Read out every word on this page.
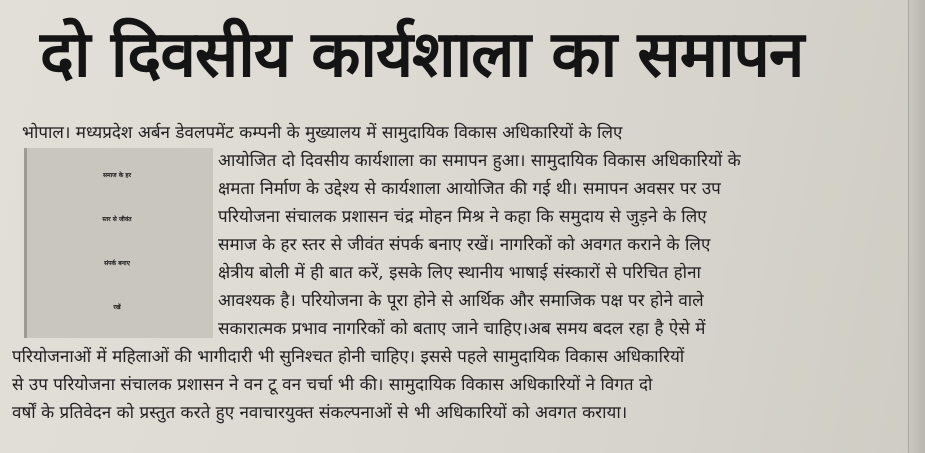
दो दिवसीय कार्यशाला का समापन
समाज के हर
स्तर से जीवंत
संपर्क बनाए
रखें
भोपाल। मध्यप्रदेश अर्बन डेवलपमेंट कम्पनी के मुख्यालय में सामुदायिक विकास अधिकारियों के लिए
आयोजित दो दिवसीय कार्यशाला का समापन हुआ। सामुदायिक विकास अधिकारियों के
क्षमता निर्माण के उद्देश्य से कार्यशाला आयोजित की गई थी। समापन अवसर पर उप
परियोजना संचालक प्रशासन चंद्र मोहन मिश्र ने कहा कि समुदाय से जुड़ने के लिए
समाज के हर स्तर से जीवंत संपर्क बनाए रखें। नागरिकों को अवगत कराने के लिए
क्षेत्रीय बोली में ही बात करें, इसके लिए स्थानीय भाषाई संस्कारों से परिचित होना
आवश्यक है। परियोजना के पूरा होने से आर्थिक और समाजिक पक्ष पर होने वाले
सकारात्मक प्रभाव नागरिकों को बताए जाने चाहिए।अब समय बदल रहा है ऐसे में
परियोजनाओं में महिलाओं की भागीदारी भी सुनिश्चत होनी चाहिए। इससे पहले सामुदायिक विकास अधिकारियों
से उप परियोजना संचालक प्रशासन ने वन टू वन चर्चा भी की। सामुदायिक विकास अधिकारियों ने विगत दो
वर्षों के प्रतिवेदन को प्रस्तुत करते हुए नवाचारयुक्त संकल्पनाओं से भी अधिकारियों को अवगत कराया।
